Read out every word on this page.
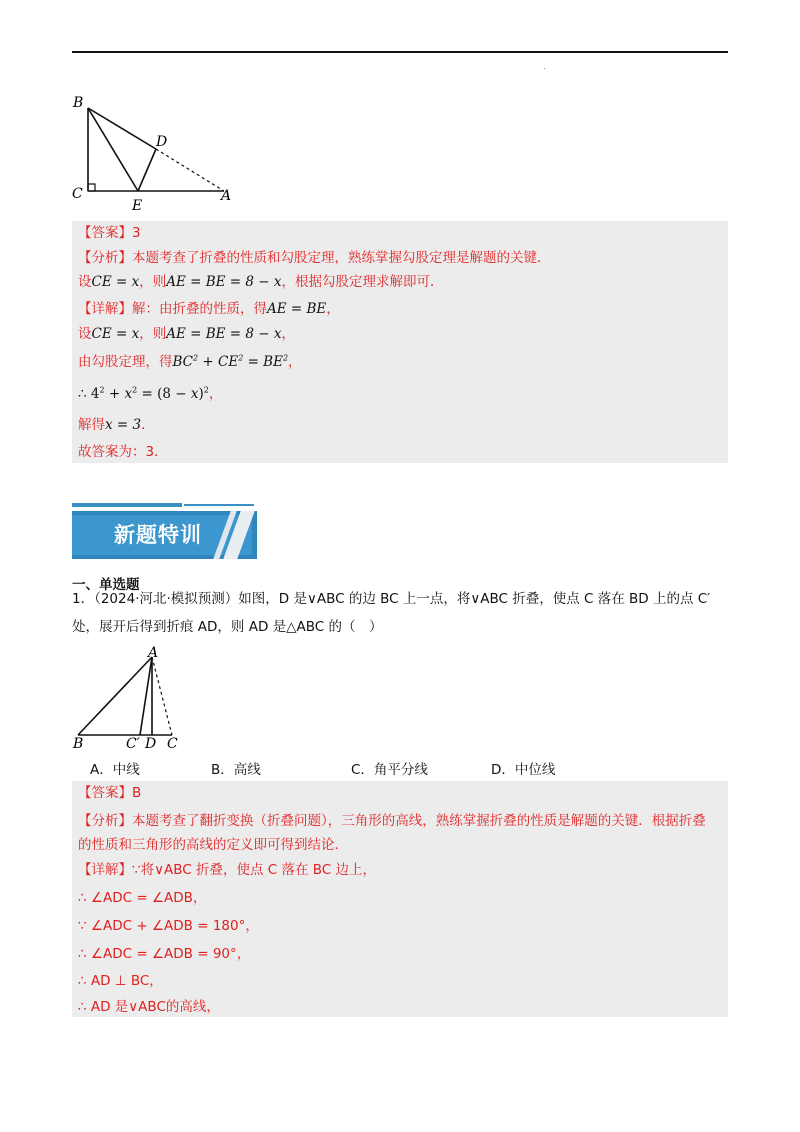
.
B
D
C
E
A
【答案】3
【分析】本题考查了折叠的性质和勾股定理，熟练掌握勾股定理是解题的关键．
设CE = x，则AE = BE = 8 − x，根据勾股定理求解即可．
【详解】解：由折叠的性质，得AE = BE，
设CE = x，则AE = BE = 8 − x，
由勾股定理，得$BC^2 + CE^2 = BE^2$，
∴ $4^2 + x^2 = (8 - x)^2$，
解得x = 3．
故答案为：3．
新题特训
一、单选题
1．（2024·河北·模拟预测）如图，D 是∨ABC 的边 BC 上一点，将∨ABC 折叠，使点 C 落在 BD 上的点 C′
处，展开后得到折痕 AD，则 AD 是△ABC 的（　）
A
B	C′ D C
A．中线	B．高线	C．角平分线	D．中位线
【答案】B
【分析】本题考查了翻折变换（折叠问题），三角形的高线，熟练掌握折叠的性质是解题的关键．根据折叠
的性质和三角形的高线的定义即可得到结论．
【详解】∵将∨ABC 折叠，使点 C 落在 BC 边上，
∴ ∠ADC = ∠ADB，
∵ ∠ADC + ∠ADB = 180°，
∴ ∠ADC = ∠ADB = 90°，
∴ AD ⊥ BC，
∴ AD 是∨ABC的高线，
